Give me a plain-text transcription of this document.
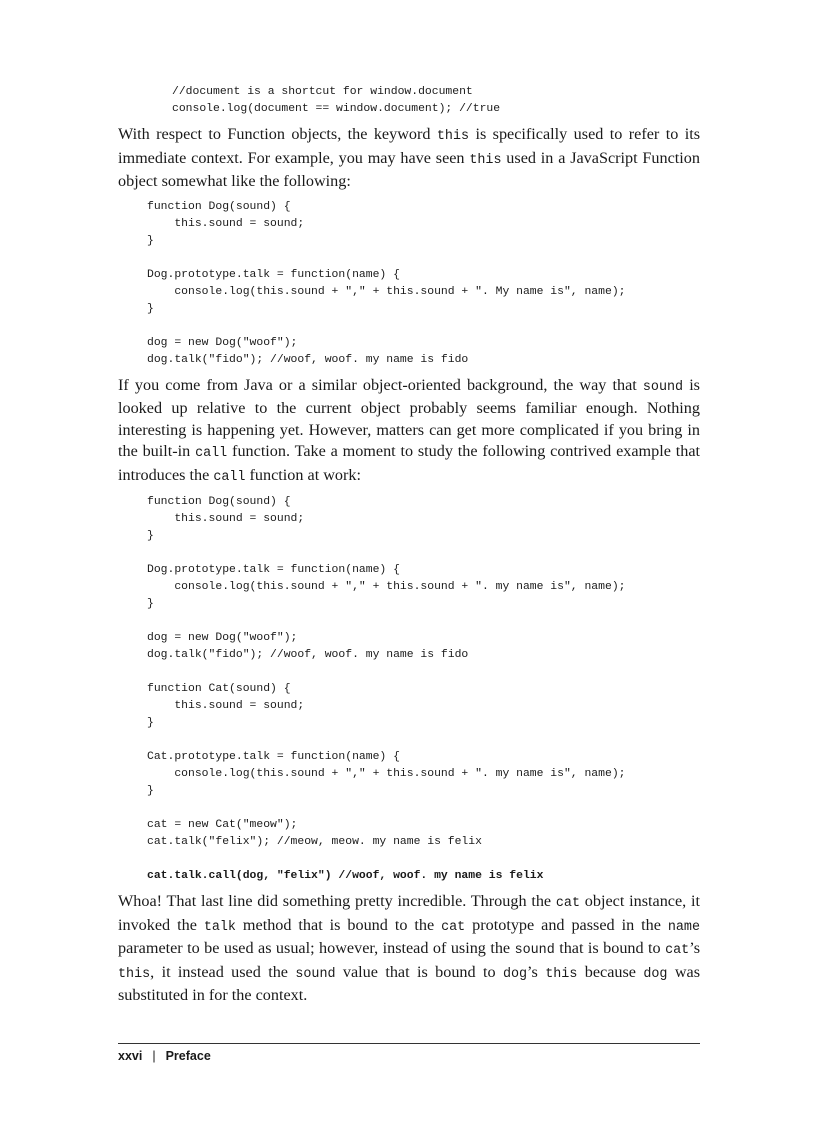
//document is a shortcut for window.document
console.log(document == window.document); //true

With respect to Function objects, the keyword this is specifically used to refer to its immediate context. For example, you may have seen this used in a JavaScript Function object somewhat like the following:

function Dog(sound) {
this.sound = sound;
}

Dog.prototype.talk = function(name) {
console.log(this.sound + "," + this.sound + ". My name is", name);
}

dog = new Dog("woof");
dog.talk("fido"); //woof, woof. my name is fido

If you come from Java or a similar object-oriented background, the way that sound is looked up relative to the current object probably seems familiar enough. Nothing interesting is happening yet. However, matters can get more complicated if you bring in the built-in call function. Take a moment to study the following contrived example that introduces the call function at work:

function Dog(sound) {
this.sound = sound;
}

Dog.prototype.talk = function(name) {
console.log(this.sound + "," + this.sound + ". my name is", name);
}

dog = new Dog("woof");
dog.talk("fido"); //woof, woof. my name is fido

function Cat(sound) {
this.sound = sound;
}

Cat.prototype.talk = function(name) {
console.log(this.sound + "," + this.sound + ". my name is", name);
}

cat = new Cat("meow");
cat.talk("felix"); //meow, meow. my name is felix
cat.talk.call(dog, "felix") //woof, woof. my name is felix

Whoa! That last line did something pretty incredible. Through the cat object instance, it invoked the talk method that is bound to the cat prototype and passed in the name parameter to be used as usual; however, instead of using the sound that is bound to cat’s this, it instead used the sound value that is bound to dog’s this because dog was substituted in for the context.

xxvi | Preface
